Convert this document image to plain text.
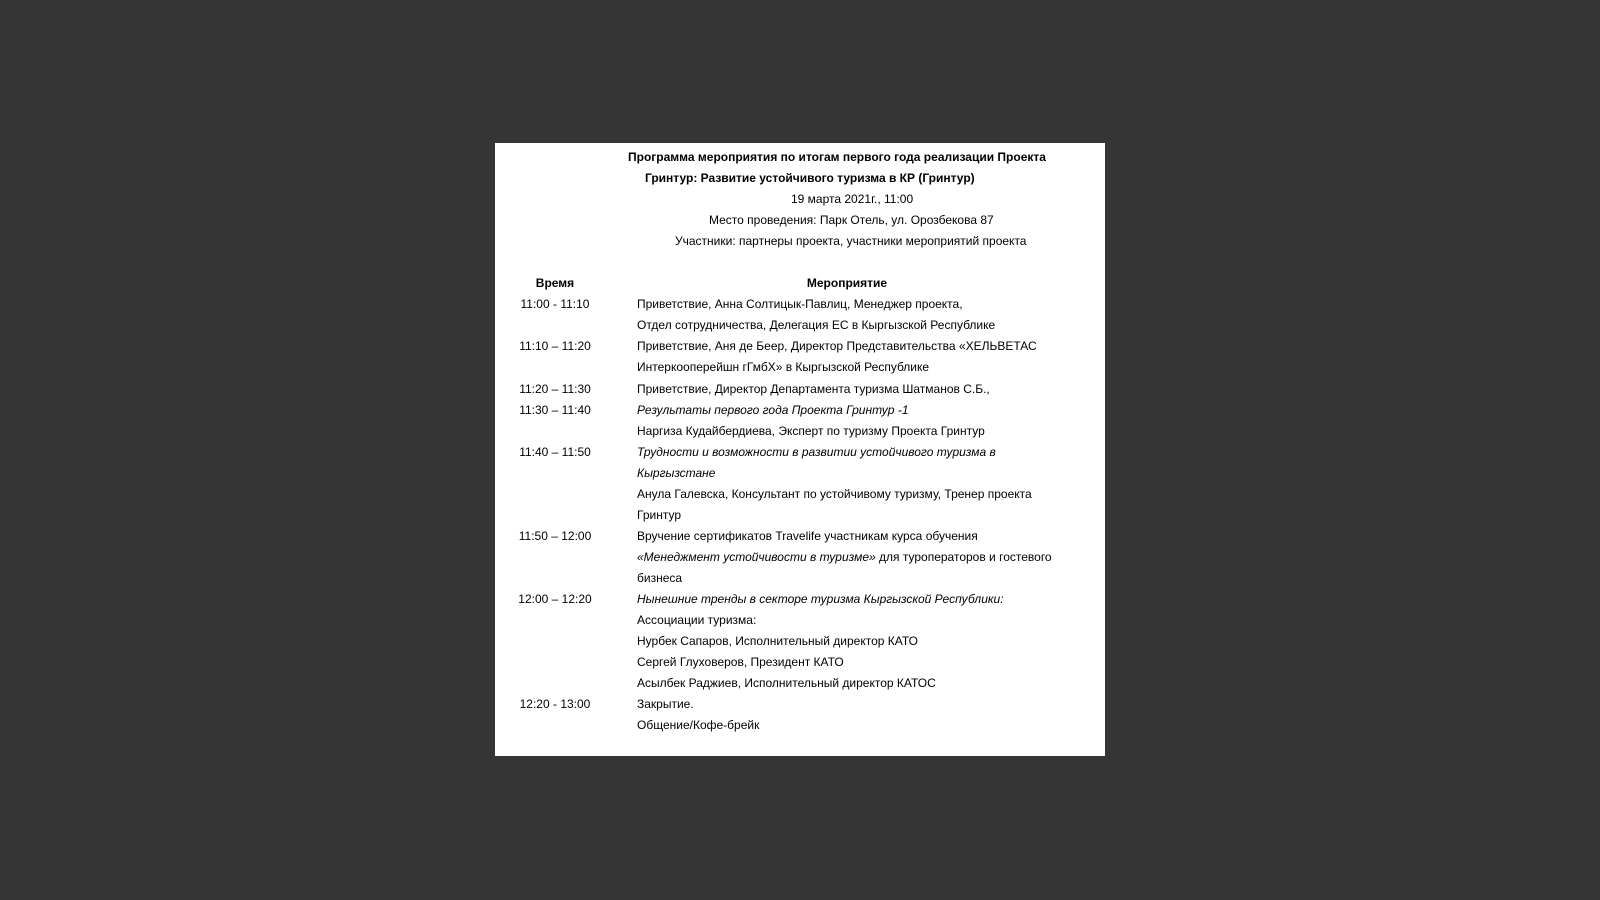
Программа мероприятия по итогам первого года реализации Проекта
Гринтур: Развитие устойчивого туризма в КР (Гринтур)
19 марта 2021г., 11:00
Место проведения: Парк Отель, ул. Орозбекова 87
Участники: партнеры проекта, участники мероприятий проекта
Время	Мероприятие
11:00 - 11:10	Приветствие, Анна Солтицык-Павлиц, Менеджер проекта,
Отдел сотрудничества, Делегация ЕС в Кыргызской Республике
11:10 – 11:20	Приветствие, Аня де Беер, Директор Представительства «ХЕЛЬВЕТАС
Интеркооперейшн гГмбХ» в Кыргызской Республике
11:20 – 11:30	Приветствие, Директор Департамента туризма Шатманов С.Б.,
11:30 – 11:40	Результаты первого года Проекта Гринтур -1
Наргиза Кудайбердиева, Эксперт по туризму Проекта Гринтур
11:40 – 11:50	Трудности и возможности в развитии устойчивого туризма в
Кыргызстане
Анула Галевска, Консультант по устойчивому туризму, Тренер проекта
Гринтур
11:50 – 12:00	Вручение сертификатов Travelife участникам курса обучения
«Менеджмент устойчивости в туризме» для туроператоров и гостевого
бизнеса
12:00 – 12:20	Нынешние тренды в секторе туризма Кыргызской Республики:
Ассоциации туризма:
Нурбек Сапаров, Исполнительный директор КАТО
Сергей Глуховеров, Президент КАТО
Асылбек Раджиев, Исполнительный директор КАТОС
12:20 - 13:00	Закрытие.
Общение/Кофе-брейк
